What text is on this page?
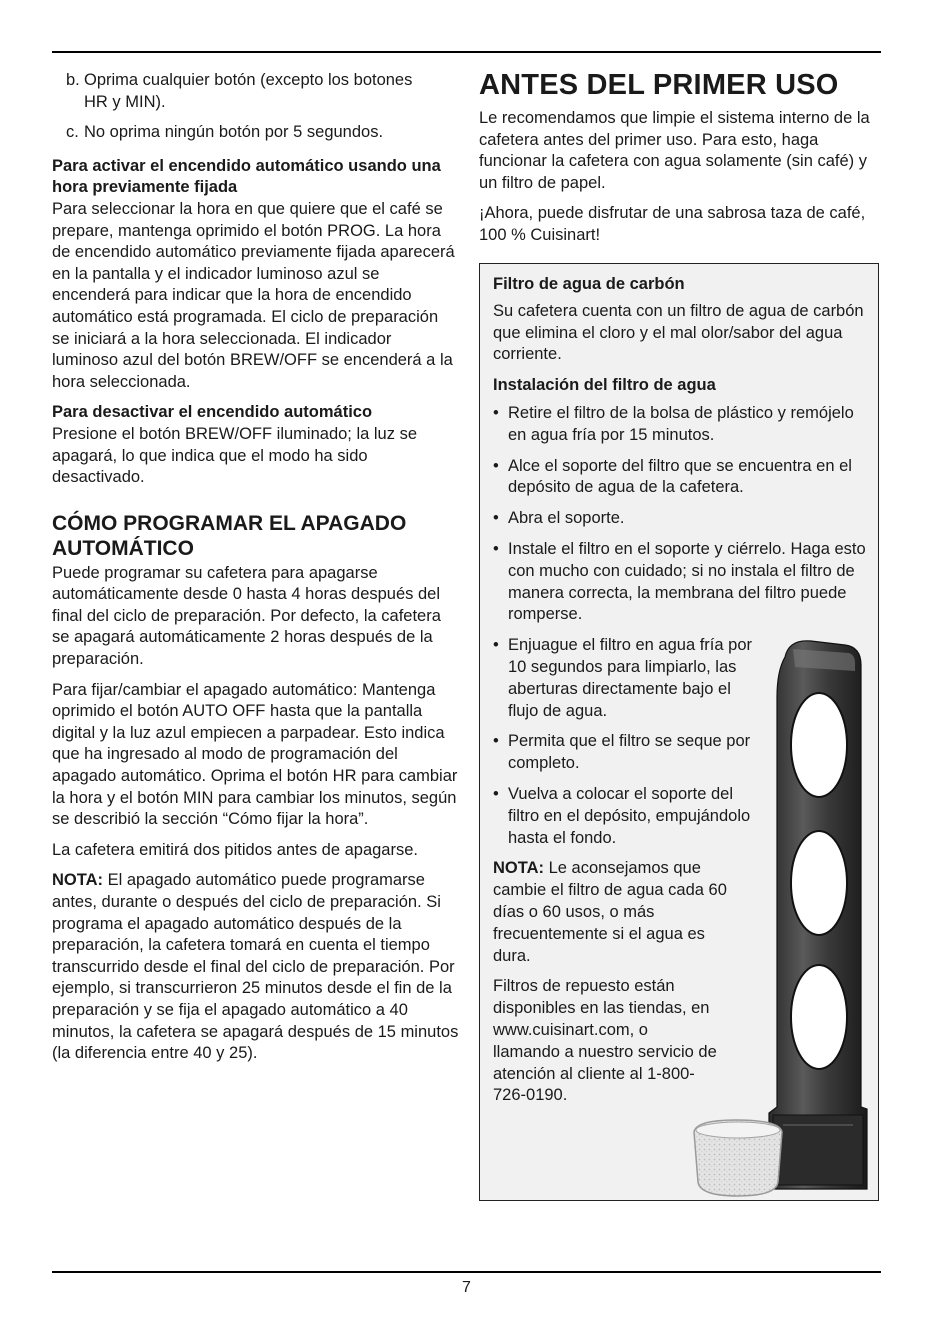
b. Oprima cualquier botón (excepto los botones
HR y MIN).

c. No oprima ningún botón por 5 segundos.

Para activar el encendido automático usando una hora previamente fijada
Para seleccionar la hora en que quiere que el café se prepare, mantenga oprimido el botón PROG. La hora de encendido automático previamente fijada aparecerá en la pantalla y el indicador luminoso azul se encenderá para indicar que la hora de encendido automático está programada. El ciclo de preparación se iniciará a la hora seleccionada. El indicador luminoso azul del botón BREW/OFF se encenderá a la hora seleccionada.

Para desactivar el encendido automático
Presione el botón BREW/OFF iluminado; la luz se apagará, lo que indica que el modo ha sido desactivado.

CÓMO PROGRAMAR EL APAGADO AUTOMÁTICO

Puede programar su cafetera para apagarse automáticamente desde 0 hasta 4 horas después del final del ciclo de preparación. Por defecto, la cafetera se apagará automáticamente 2 horas después de la preparación.

Para fijar/cambiar el apagado automático: Mantenga oprimido el botón AUTO OFF hasta que la pantalla digital y la luz azul empiecen a parpadear. Esto indica que ha ingresado al modo de programación del apagado automático. Oprima el botón HR para cambiar la hora y el botón MIN para cambiar los minutos, según se describió la sección “Cómo fijar la hora”.

La cafetera emitirá dos pitidos antes de apagarse.

NOTA: El apagado automático puede programarse antes, durante o después del ciclo de preparación. Si programa el apagado automático después de la preparación, la cafetera tomará en cuenta el tiempo transcurrido desde el final del ciclo de preparación. Por ejemplo, si transcurrieron 25 minutos desde el fin de la preparación y se fija el apagado automático a 40 minutos, la cafetera se apagará después de 15 minutos (la diferencia entre 40 y 25).

ANTES DEL PRIMER USO

Le recomendamos que limpie el sistema interno de la cafetera antes del primer uso. Para esto, haga funcionar la cafetera con agua solamente (sin café) y un filtro de papel.

¡Ahora, puede disfrutar de una sabrosa taza de café, 100 % Cuisinart!

Filtro de agua de carbón

Su cafetera cuenta con un filtro de agua de carbón que elimina el cloro y el mal olor/sabor del agua corriente.

Instalación del filtro de agua

• Retire el filtro de la bolsa de plástico y remójelo en agua fría por 15 minutos.
• Alce el soporte del filtro que se encuentra en el depósito de agua de la cafetera.
• Abra el soporte.
• Instale el filtro en el soporte y ciérrelo. Haga esto con mucho con cuidado; si no instala el filtro de manera correcta, la membrana del filtro puede romperse.
• Enjuague el filtro en agua fría por 10 segundos para limpiarlo, las aberturas directamente bajo el flujo de agua.
• Permita que el filtro se seque por completo.
• Vuelva a colocar el soporte del filtro en el depósito, empujándolo hasta el fondo.

NOTA: Le aconsejamos que cambie el filtro de agua cada 60 días o 60 usos, o más frecuentemente si el agua es dura.

Filtros de repuesto están disponibles en las tiendas, en www.cuisinart.com, o llamando a nuestro servicio de atención al cliente al 1-800-726-0190.

7
